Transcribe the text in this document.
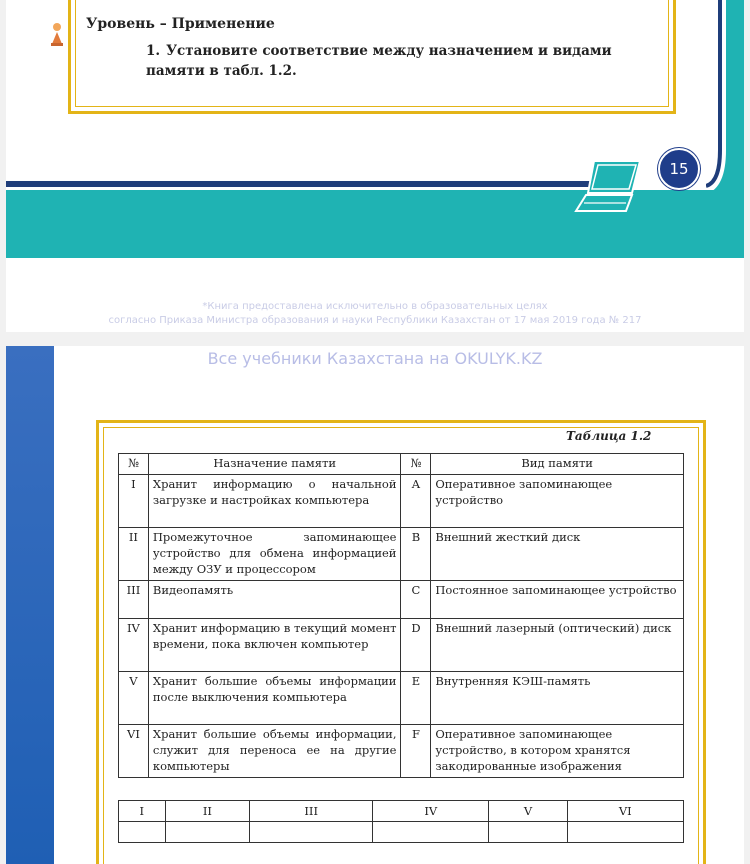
Уровень – Применение
1. Установите соответствие между назначением и видами памяти в табл. 1.2.
15
*Книга предоставлена исключительно в образовательных целях
согласно Приказа Министра образования и науки Республики Казахстан от 17 мая 2019 года № 217
Все учебники Казахстана на OKULYK.KZ
Таблица 1.2
№	Назначение памяти	№	Вид памяти
I	Хранит информацию о начальной загрузке и настройках компьютера	A	Оперативное запоминающее устройство
II	Промежуточное запоминающее устройство для обмена информацией между ОЗУ и процессором	B	Внешний жесткий диск
III	Видеопамять	C	Постоянное запоминающее устройство
IV	Хранит информацию в текущий момент времени, пока включен компьютер	D	Внешний лазерный (оптический) диск
V	Хранит большие объемы информации после выключения компьютера	E	Внутренняя КЭШ-память
VI	Хранит большие объемы информации, служит для переноса ее на другие компьютеры	F	Оперативное запоминающее устройство, в котором хранятся закодированные изображения
I	II	III	IV	V	VI
